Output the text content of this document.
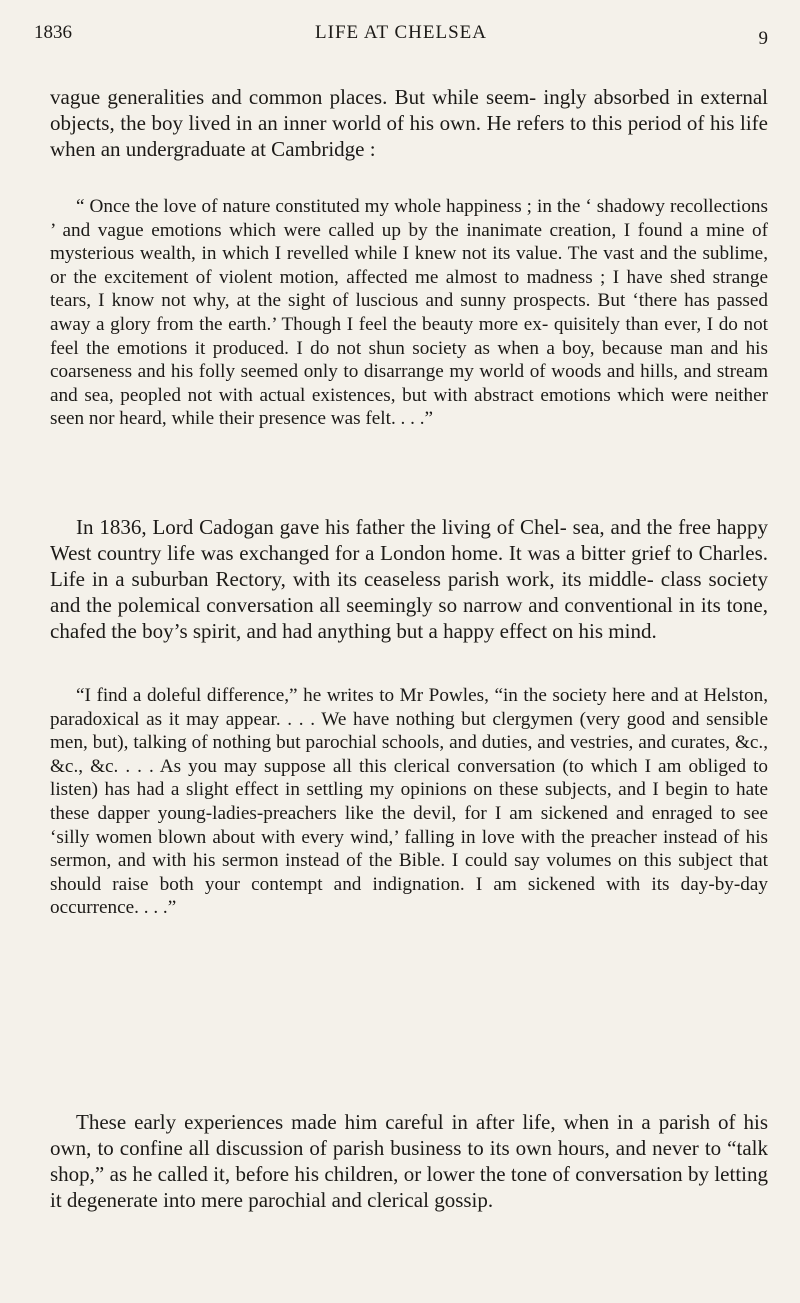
1836	LIFE AT CHELSEA	9

vague generalities and common places. But while seem- ingly absorbed in external objects, the boy lived in an inner world of his own. He refers to this period of his life when an undergraduate at Cambridge :

“ Once the love of nature constituted my whole happiness ; in the ‘ shadowy recollections ’ and vague emotions which were called up by the inanimate creation, I found a mine of mysterious wealth, in which I revelled while I knew not its value. The vast and the sublime, or the excitement of violent motion, affected me almost to madness ; I have shed strange tears, I know not why, at the sight of luscious and sunny prospects. But ‘there has passed away a glory from the earth.’ Though I feel the beauty more ex- quisitely than ever, I do not feel the emotions it produced. I do not shun society as when a boy, because man and his coarseness and his folly seemed only to disarrange my world of woods and hills, and stream and sea, peopled not with actual existences, but with abstract emotions which were neither seen nor heard, while their presence was felt. . . .”

In 1836, Lord Cadogan gave his father the living of Chel- sea, and the free happy West country life was exchanged for a London home. It was a bitter grief to Charles. Life in a suburban Rectory, with its ceaseless parish work, its middle- class society and the polemical conversation all seemingly so narrow and conventional in its tone, chafed the boy’s spirit, and had anything but a happy effect on his mind.

“I find a doleful difference,” he writes to Mr Powles, “in the society here and at Helston, paradoxical as it may appear. . . . We have nothing but clergymen (very good and sensible men, but), talking of nothing but parochial schools, and duties, and vestries, and curates, &c., &c., &c. . . . As you may suppose all this clerical conversation (to which I am obliged to listen) has had a slight effect in settling my opinions on these subjects, and I begin to hate these dapper young-ladies-preachers like the devil, for I am sickened and enraged to see ‘silly women blown about with every wind,’ falling in love with the preacher instead of his sermon, and with his sermon instead of the Bible. I could say volumes on this subject that should raise both your contempt and indignation. I am sickened with its day-by-day occurrence. . . .”

These early experiences made him careful in after life, when in a parish of his own, to confine all discussion of parish business to its own hours, and never to “talk shop,” as he called it, before his children, or lower the tone of conversation by letting it degenerate into mere parochial and clerical gossip.
